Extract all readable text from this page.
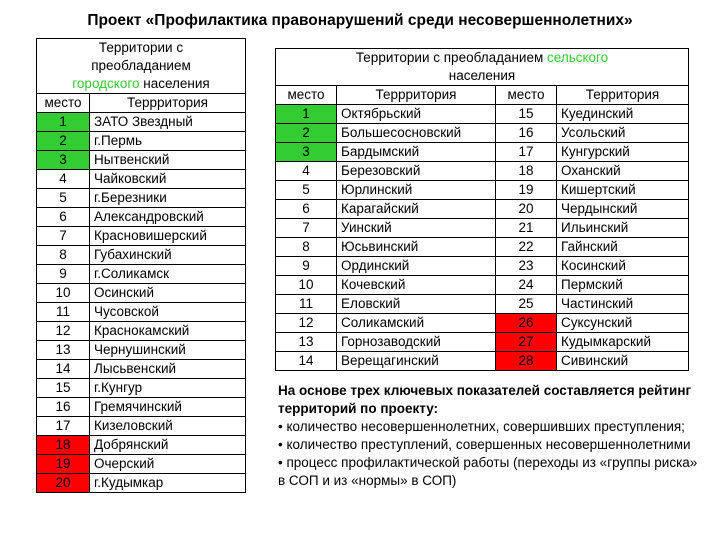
Проект «Профилактика правонарушений среди несовершеннолетних»
Территории с
преобладанием
городского населения	

место	Террритория
1	ЗАТО Звездный
2	г.Пермь
3	Нытвенский
4	Чайковский
5	г.Березники
6	Александровский
7	Красновишерский
8	Губахинский
9	г.Соликамск
10	Осинский
11	Чусовской
12	Краснокамский
13	Чернушинский
14	Лысьвенский
15	г.Кунгур
16	Гремячинский
17	Кизеловский
18	Добрянский
19	Очерский
20	г.Кудымкар
Территории с преобладанием сельского
населения			

место	Террритория	место	Территория
1	Октябрьский	15	Куединский
2	Большесосновский	16	Усольский
3	Бардымский	17	Кунгурский
4	Березовский	18	Оханский
5	Юрлинский	19	Кишертский
6	Карагайский	20	Чердынский
7	Уинский	21	Ильинский
8	Юсьвинский	22	Гайнский
9	Ординский	23	Косинский
10	Кочевский	24	Пермский
11	Еловский	25	Частинский
12	Соликамский	26	Суксунский
13	Горнозаводский	27	Кудымкарский
14	Верещагинский	28	Сивинский
На основе трех ключевых показателей составляется рейтинг территорий по проекту:
• количество несовершеннолетних, совершивших преступления;
• количество преступлений, совершенных несовершеннолетними
• процесс профилактической работы (переходы из «группы риска» в СОП и из «нормы» в СОП)
